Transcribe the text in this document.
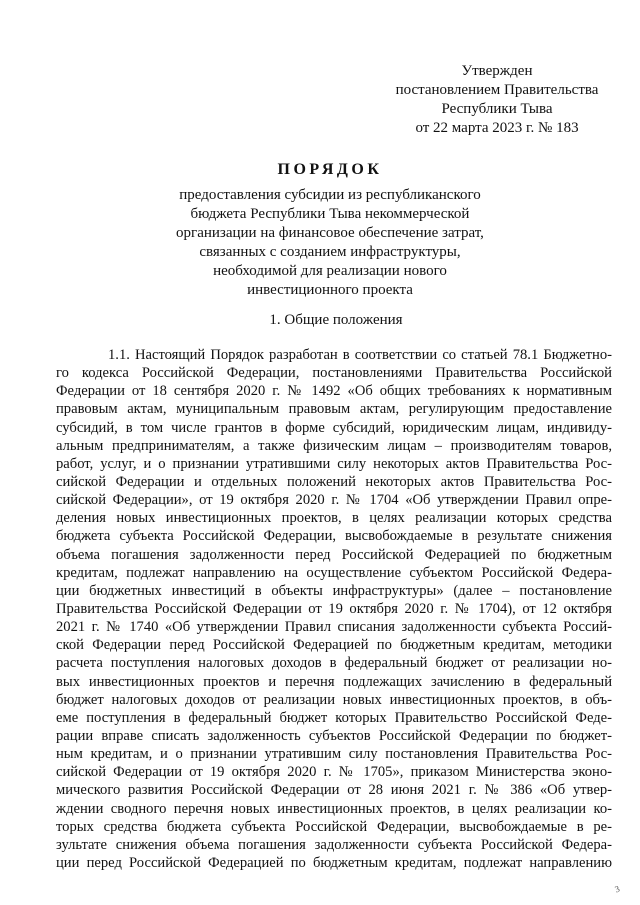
Утвержден
постановлением Правительства
Республики Тыва
от 22 марта 2023 г. № 183
ПОРЯДОК
предоставления субсидии из республиканского
бюджета Республики Тыва некоммерческой
организации на финансовое обеспечение затрат,
связанных с созданием инфраструктуры,
необходимой для реализации нового
инвестиционного проекта
1. Общие положения
1.1. Настоящий Порядок разработан в соответствии со статьей 78.1 Бюджетно-
го кодекса Российской Федерации, постановлениями Правительства Российской
Федерации от 18 сентября 2020 г. № 1492 «Об общих требованиях к нормативным
правовым актам, муниципальным правовым актам, регулирующим предоставление
субсидий, в том числе грантов в форме субсидий, юридическим лицам, индивиду-
альным предпринимателям, а также физическим лицам – производителям товаров,
работ, услуг, и о признании утратившими силу некоторых актов Правительства Рос-
сийской Федерации и отдельных положений некоторых актов Правительства Рос-
сийской Федерации», от 19 октября 2020 г. № 1704 «Об утверждении Правил опре-
деления новых инвестиционных проектов, в целях реализации которых средства
бюджета субъекта Российской Федерации, высвобождаемые в результате снижения
объема погашения задолженности перед Российской Федерацией по бюджетным
кредитам, подлежат направлению на осуществление субъектом Российской Федера-
ции бюджетных инвестиций в объекты инфраструктуры» (далее – постановление
Правительства Российской Федерации от 19 октября 2020 г. № 1704), от 12 октября
2021 г. № 1740 «Об утверждении Правил списания задолженности субъекта Россий-
ской Федерации перед Российской Федерацией по бюджетным кредитам, методики
расчета поступления налоговых доходов в федеральный бюджет от реализации но-
вых инвестиционных проектов и перечня подлежащих зачислению в федеральный
бюджет налоговых доходов от реализации новых инвестиционных проектов, в объ-
еме поступления в федеральный бюджет которых Правительство Российской Феде-
рации вправе списать задолженность субъектов Российской Федерации по бюджет-
ным кредитам, и о признании утратившим силу постановления Правительства Рос-
сийской Федерации от 19 октября 2020 г. № 1705», приказом Министерства эконо-
мического развития Российской Федерации от 28 июня 2021 г. № 386 «Об утвер-
ждении сводного перечня новых инвестиционных проектов, в целях реализации ко-
торых средства бюджета субъекта Российской Федерации, высвобождаемые в ре-
зультате снижения объема погашения задолженности субъекта Российской Федера-
ции перед Российской Федерацией по бюджетным кредитам, подлежат направлению
3
